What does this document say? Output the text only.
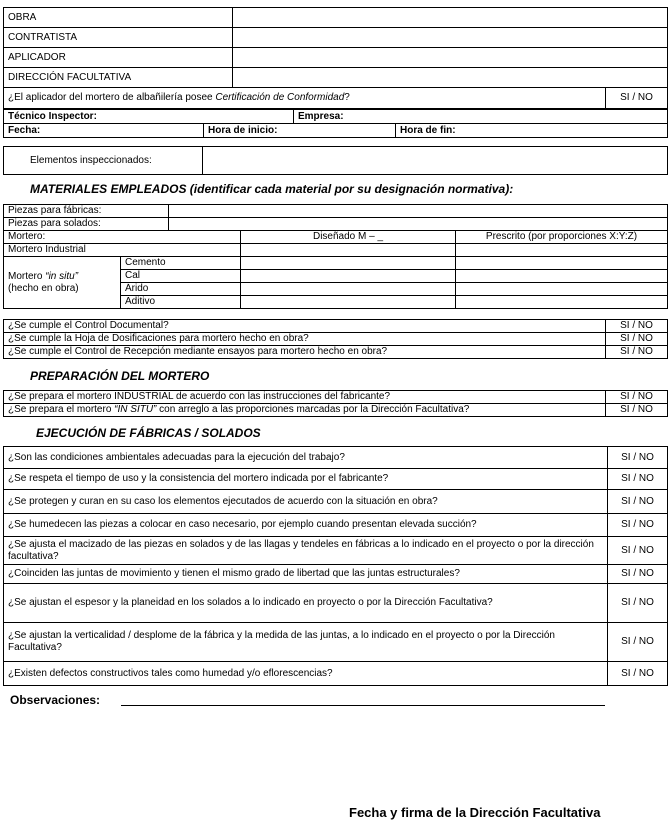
OBRA		
CONTRATISTA		
APLICADOR		
DIRECCIÓN FACULTATIVA		
¿El aplicador del mortero de albañilería posee Certificación de Conformidad?		SI / NO
Técnico Inspector:	Empresa:
Fecha:	Hora de inicio:	Hora de fin:
Elementos inspeccionados:	
MATERIALES EMPLEADOS (identificar cada material por su designación normativa):
Piezas para fábricas:				
Piezas para solados:				
Mortero:			Diseñado M – _	Prescrito (por proporciones X:Y:Z)
Mortero Industrial				
Mortero “in situ”
(hecho en obra)	Cemento			
	Cal			
	Árido			
	Aditivo			
¿Se cumple el Control Documental?	SI / NO
¿Se cumple la Hoja de Dosificaciones para mortero hecho en obra?	SI / NO
¿Se cumple el Control de Recepción mediante ensayos para mortero hecho en obra?	SI / NO
PREPARACIÓN DEL MORTERO
¿Se prepara el mortero INDUSTRIAL de acuerdo con las instrucciones del fabricante?	SI / NO
¿Se prepara el mortero “IN SITU” con arreglo a las proporciones marcadas por la Dirección Facultativa?	SI / NO
EJECUCIÓN DE FÁBRICAS / SOLADOS
¿Son las condiciones ambientales adecuadas para la ejecución del trabajo?	SI / NO
¿Se respeta el tiempo de uso y la consistencia del mortero indicada por el fabricante?	SI / NO
¿Se protegen y curan en su caso los elementos ejecutados de acuerdo con la situación en obra?	SI / NO
¿Se humedecen las piezas a colocar en caso necesario, por ejemplo cuando presentan elevada succión?	SI / NO
¿Se ajusta el macizado de las piezas en solados y de las llagas y tendeles en fábricas a lo indicado en el proyecto o por la dirección facultativa?	SI / NO
¿Coinciden las juntas de movimiento y tienen el mismo grado de libertad que las juntas estructurales?	SI / NO
¿Se ajustan el espesor y la planeidad en los solados a lo indicado en proyecto o por la Dirección Facultativa?	SI / NO
¿Se ajustan la verticalidad / desplome de la fábrica y la medida de las juntas, a lo indicado en el proyecto o por la Dirección Facultativa?	SI / NO
¿Existen defectos constructivos tales como humedad y/o eflorescencias?	SI / NO
Observaciones:
Fecha y firma de la Dirección Facultativa
